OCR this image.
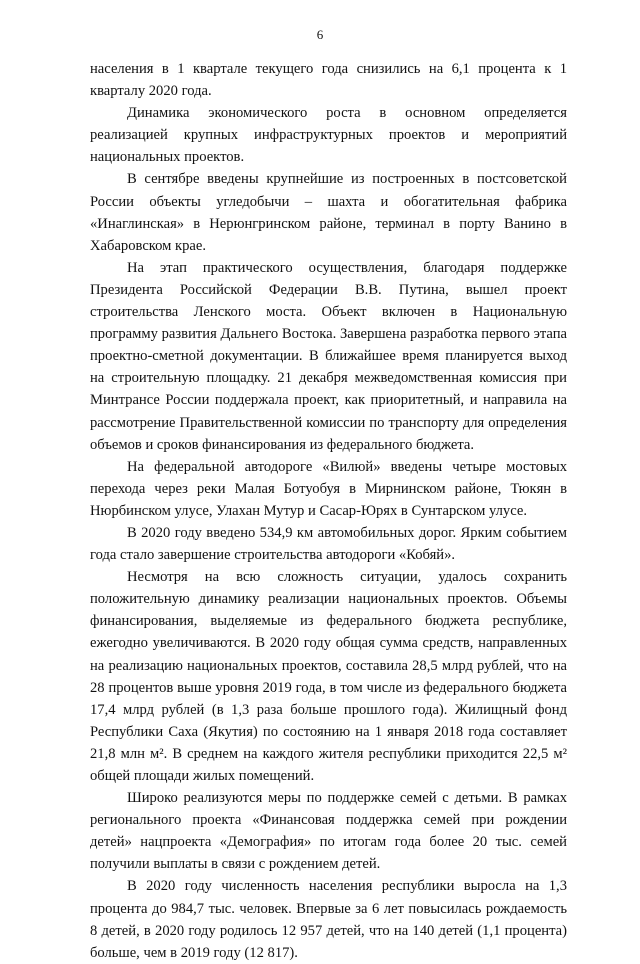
6

населения в 1 квартале текущего года снизились на 6,1 процента к 1 кварталу 2020 года.

Динамика экономического роста в основном определяется реализацией крупных инфраструктурных проектов и мероприятий национальных проектов.

В сентябре введены крупнейшие из построенных в постсоветской России объекты угледобычи – шахта и обогатительная фабрика «Инаглинская» в Нерюнгринском районе, терминал в порту Ванино в Хабаровском крае.

На этап практического осуществления, благодаря поддержке Президента Российской Федерации В.В. Путина, вышел проект строительства Ленского моста. Объект включен в Национальную программу развития Дальнего Востока. Завершена разработка первого этапа проектно-сметной документации. В ближайшее время планируется выход на строительную площадку. 21 декабря межведомственная комиссия при Минтрансе России поддержала проект, как приоритетный, и направила на рассмотрение Правительственной комиссии по транспорту для определения объемов и сроков финансирования из федерального бюджета.

На федеральной автодороге «Вилюй» введены четыре мостовых перехода через реки Малая Ботуобуя в Мирнинском районе, Тюкян в Нюрбинском улусе, Улахан Мутур и Сасар-Юрях в Сунтарском улусе.

В 2020 году введено 534,9 км автомобильных дорог. Ярким событием года стало завершение строительства автодороги «Кобяй».

Несмотря на всю сложность ситуации, удалось сохранить положительную динамику реализации национальных проектов. Объемы финансирования, выделяемые из федерального бюджета республике, ежегодно увеличиваются. В 2020 году общая сумма средств, направленных на реализацию национальных проектов, составила 28,5 млрд рублей, что на 28 процентов выше уровня 2019 года, в том числе из федерального бюджета 17,4 млрд рублей (в 1,3 раза больше прошлого года). Жилищный фонд Республики Саха (Якутия) по состоянию на 1 января 2018 года составляет 21,8 млн м². В среднем на каждого жителя республики приходится 22,5 м² общей площади жилых помещений.

Широко реализуются меры по поддержке семей с детьми. В рамках регионального проекта «Финансовая поддержка семей при рождении детей» нацпроекта «Демография» по итогам года более 20 тыс. семей получили выплаты в связи с рождением детей.

В 2020 году численность населения республики выросла на 1,3 процента до 984,7 тыс. человек. Впервые за 6 лет повысилась рождаемость 8 детей, в 2020 году родилось 12 957 детей, что на 140 детей (1,1 процента) больше, чем в 2019 году (12 817).
